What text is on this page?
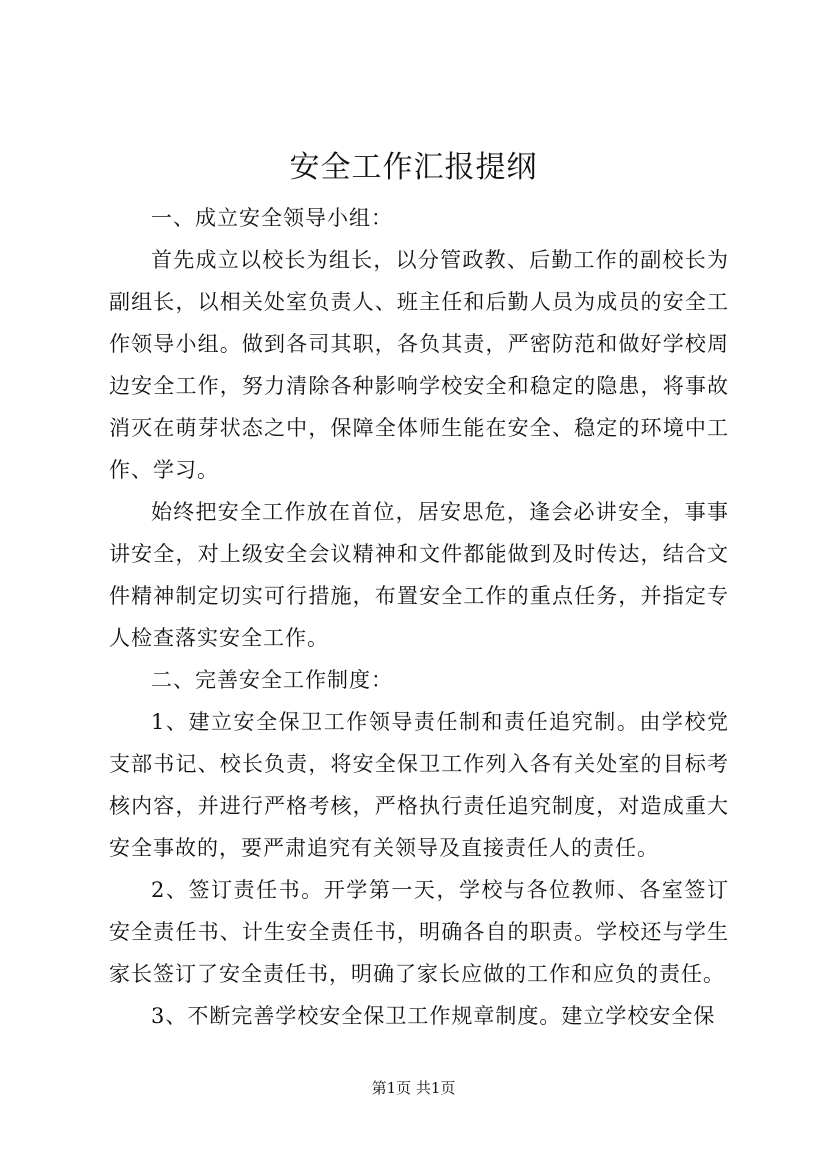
安全工作汇报提纲

一、成立安全领导小组：

首先成立以校长为组长，以分管政教、后勤工作的副校长为副组长，以相关处室负责人、班主任和后勤人员为成员的安全工作领导小组。做到各司其职，各负其责，严密防范和做好学校周边安全工作，努力清除各种影响学校安全和稳定的隐患，将事故消灭在萌芽状态之中，保障全体师生能在安全、稳定的环境中工作、学习。

始终把安全工作放在首位，居安思危，逢会必讲安全，事事讲安全，对上级安全会议精神和文件都能做到及时传达，结合文件精神制定切实可行措施，布置安全工作的重点任务，并指定专人检查落实安全工作。

二、完善安全工作制度：

1、建立安全保卫工作领导责任制和责任追究制。由学校党支部书记、校长负责，将安全保卫工作列入各有关处室的目标考核内容，并进行严格考核，严格执行责任追究制度，对造成重大安全事故的，要严肃追究有关领导及直接责任人的责任。

2、签订责任书。开学第一天，学校与各位教师、各室签订安全责任书、计生安全责任书，明确各自的职责。学校还与学生家长签订了安全责任书，明确了家长应做的工作和应负的责任。

3、不断完善学校安全保卫工作规章制度。建立学校安全保

第1页 共1页
